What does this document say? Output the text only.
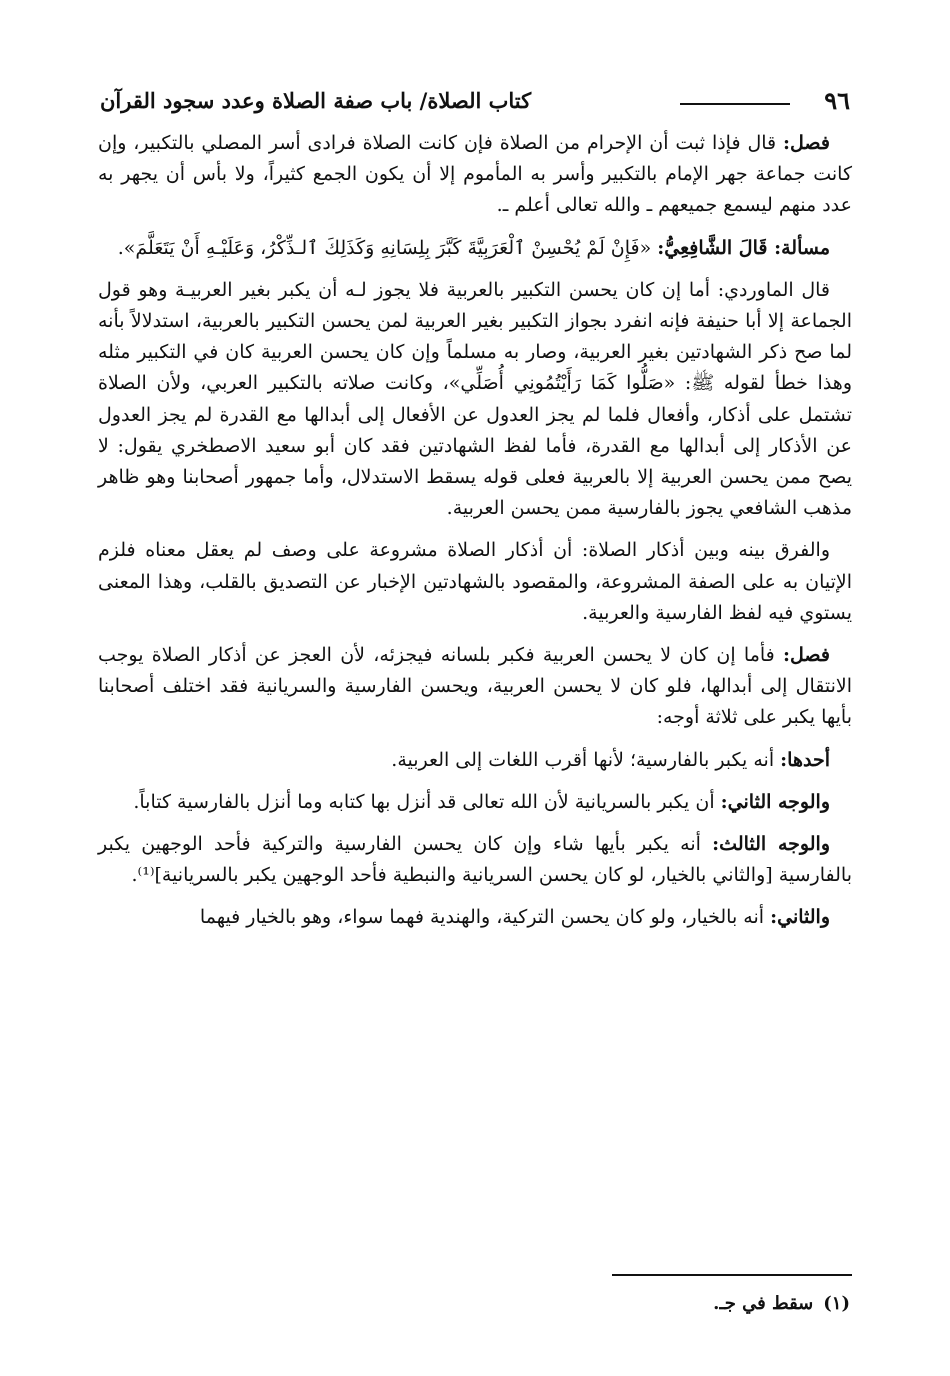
٩٦
كتاب الصلاة/ باب صفة الصلاة وعدد سجود القرآن

فصل: قال فإذا ثبت أن الإحرام من الصلاة فإن كانت الصلاة فرادى أسر المصلي بالتكبير، وإن كانت جماعة جهر الإمام بالتكبير وأسر به المأموم إلا أن يكون الجمع كثيراً، ولا بأس أن يجهر به عدد منهم ليسمع جميعهم ـ والله تعالى أعلم ـ.

مسألة: قَالَ الشَّافِعِيُّ: «فَإِنْ لَمْ يُحْسِنْ ٱلْعَرَبِيَّةَ كَبَّرَ بِلِسَانِهِ وَكَذَلِكَ ٱلـذِّكْرُ، وَعَلَيْـهِ أَنْ يَتَعَلَّمَ».

قال الماوردي: أما إن كان يحسن التكبير بالعربية فلا يجوز لـه أن يكبر بغير العربيـة وهو قول الجماعة إلا أبا حنيفة فإنه انفرد بجواز التكبير بغير العربية لمن يحسن التكبير بالعربية، استدلالاً بأنه لما صح ذكر الشهادتين بغير العربية، وصار به مسلماً وإن كان يحسن العربية كان في التكبير مثله وهذا خطأ لقوله ﷺ: «صَلُّوا كَمَا رَأَيْتُمُونِي أُصَلِّي»، وكانت صلاته بالتكبير العربي، ولأن الصلاة تشتمل على أذكار، وأفعال فلما لم يجز العدول عن الأفعال إلى أبدالها مع القدرة لم يجز العدول عن الأذكار إلى أبدالها مع القدرة، فأما لفظ الشهادتين فقد كان أبو سعيد الاصطخري يقول: لا يصح ممن يحسن العربية إلا بالعربية فعلى قوله يسقط الاستدلال، وأما جمهور أصحابنا وهو ظاهر مذهب الشافعي يجوز بالفارسية ممن يحسن العربية.

والفرق بينه وبين أذكار الصلاة: أن أذكار الصلاة مشروعة على وصف لم يعقل معناه فلزم الإتيان به على الصفة المشروعة، والمقصود بالشهادتين الإخبار عن التصديق بالقلب، وهذا المعنى يستوي فيه لفظ الفارسية والعربية.

فصل: فأما إن كان لا يحسن العربية فكبر بلسانه فيجزئه، لأن العجز عن أذكار الصلاة يوجب الانتقال إلى أبدالها، فلو كان لا يحسن العربية، ويحسن الفارسية والسريانية فقد اختلف أصحابنا بأيها يكبر على ثلاثة أوجه:

أحدها: أنه يكبر بالفارسية؛ لأنها أقرب اللغات إلى العربية.

والوجه الثاني: أن يكبر بالسريانية لأن الله تعالى قد أنزل بها كتابه وما أنزل بالفارسية كتاباً.

والوجه الثالث: أنه يكبر بأيها شاء وإن كان يحسن الفارسية والتركية فأحد الوجهين يكبر بالفارسية [والثاني بالخيار، لو كان يحسن السريانية والنبطية فأحد الوجهين يكبر بالسريانية]⁽¹⁾.

والثاني: أنه بالخيار، ولو كان يحسن التركية، والهندية فهما سواء، وهو بالخيار فيهما

(١)سقط في جـ.
